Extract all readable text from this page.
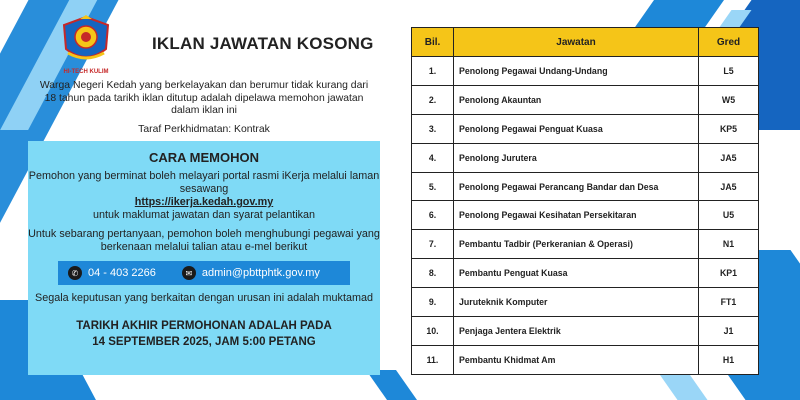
HI-TECH KULIM
IKLAN JAWATAN KOSONG

Warga Negeri Kedah yang berkelayakan dan berumur tidak kurang dari 18 tahun pada tarikh iklan ditutup adalah dipelawa memohon jawatan dalam iklan ini

Taraf Perkhidmatan: Kontrak

CARA MEMOHON

Pemohon yang berminat boleh melayari portal rasmi iKerja melalui laman sesawang

https://ikerja.kedah.gov.my

untuk maklumat jawatan dan syarat pelantikan

Untuk sebarang pertanyaan, pemohon boleh menghubungi pegawai yang berkenaan melalui talian atau e-mel berikut

✆ 04 - 403 2266	✉ admin@pbttphtk.gov.my

Segala keputusan yang berkaitan dengan urusan ini adalah muktamad

TARIKH AKHIR PERMOHONAN ADALAH PADA
14 SEPTEMBER 2025, JAM 5:00 PETANG
Bil.	Jawatan	Gred
1.	Penolong Pegawai Undang-Undang	L5
2.	Penolong Akauntan	W5
3.	Penolong Pegawai Penguat Kuasa	KP5
4.	Penolong Jurutera	JA5
5.	Penolong Pegawai Perancang Bandar dan Desa	JA5
6.	Penolong Pegawai Kesihatan Persekitaran	U5
7.	Pembantu Tadbir (Perkeranian & Operasi)	N1
8.	Pembantu Penguat Kuasa	KP1
9.	Juruteknik Komputer	FT1
10.	Penjaga Jentera Elektrik	J1
11.	Pembantu Khidmat Am	H1
